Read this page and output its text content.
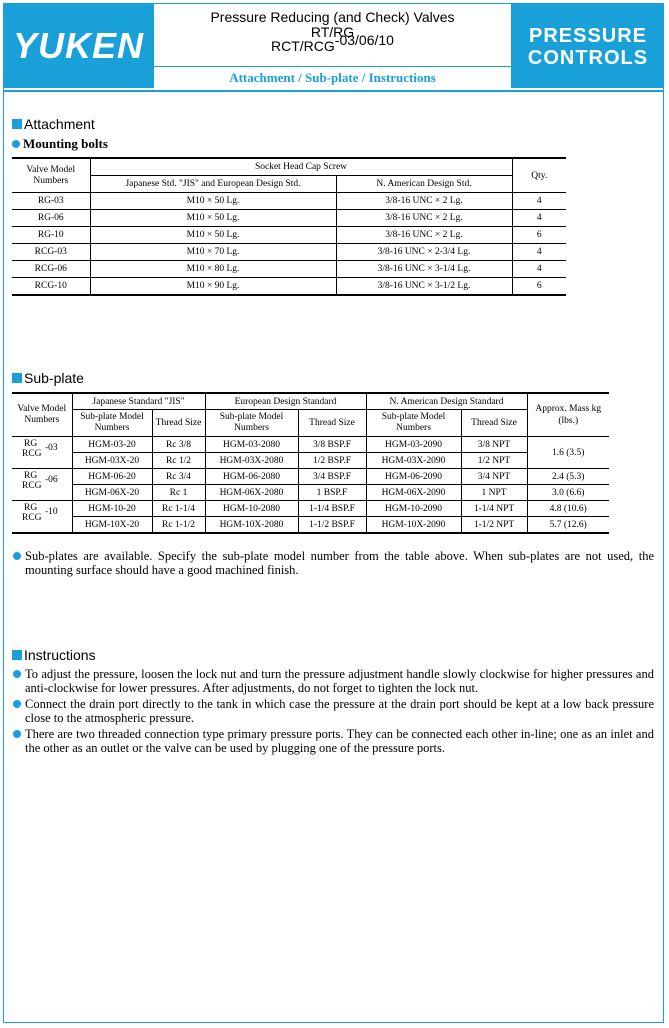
YUKEN
Pressure Reducing (and Check) Valves
RT/RG
RCT/RCG-03/06/10
Attachment / Sub-plate / Instructions
PRESSURE
CONTROLS
Attachment
Mounting bolts
Valve Model Numbers	Socket Head Cap Screw		Qty.
	Japanese Std. "JIS" and European Design Std.	N. American Design Std.	
RG-03	M10 × 50 Lg.	3/8-16 UNC × 2 Lg.	4
RG-06	M10 × 50 Lg.	3/8-16 UNC × 2 Lg.	4
RG-10	M10 × 50 Lg.	3/8-16 UNC × 2 Lg.	6
RCG-03	M10 × 70 Lg.	3/8-16 UNC × 2-3/4 Lg.	4
RCG-06	M10 × 80 Lg.	3/8-16 UNC × 3-1/4 Lg.	4
RCG-10	M10 × 90 Lg.	3/8-16 UNC × 3-1/2 Lg.	6
Sub-plate
Valve Model Numbers	Japanese Standard "JIS"		European Design Standard		N. American Design Standard		Approx. Mass kg (lbs.)
	Sub-plate Model Numbers	Thread Size	Sub-plate Model Numbers	Thread Size	Sub-plate Model Numbers	Thread Size	

RG
RCG
-03	HGM-03-20	Rc 3/8	HGM-03-2080	3/8 BSP.F	HGM-03-2090	3/8 NPT	1.6 (3.5)
	HGM-03X-20	Rc 1/2	HGM-03X-2080	1/2 BSP.F	HGM-03X-2090	1/2 NPT	

RG
RCG
-06	HGM-06-20	Rc 3/4	HGM-06-2080	3/4 BSP.F	HGM-06-2090	3/4 NPT	2.4 (5.3)
	HGM-06X-20	Rc 1	HGM-06X-2080	1 BSP.F	HGM-06X-2090	1 NPT	3.0 (6.6)

RG
RCG
-10	HGM-10-20	Rc 1-1/4	HGM-10-2080	1-1/4 BSP.F	HGM-10-2090	1-1/4 NPT	4.8 (10.6)
	HGM-10X-20	Rc 1-1/2	HGM-10X-2080	1-1/2 BSP.F	HGM-10X-2090	1-1/2 NPT	5.7 (12.6)
Sub-plates are available. Specify the sub-plate model number from the table above. When sub-plates are not used, the mounting surface should have a good machined finish.
Instructions
To adjust the pressure, loosen the lock nut and turn the pressure adjustment handle slowly clockwise for higher pressures and anti-clockwise for lower pressures. After adjustments, do not forget to tighten the lock nut.
Connect the drain port directly to the tank in which case the pressure at the drain port should be kept at a low back pressure close to the atmospheric pressure.
There are two threaded connection type primary pressure ports. They can be connected each other in-line; one as an inlet and the other as an outlet or the valve can be used by plugging one of the pressure ports.
